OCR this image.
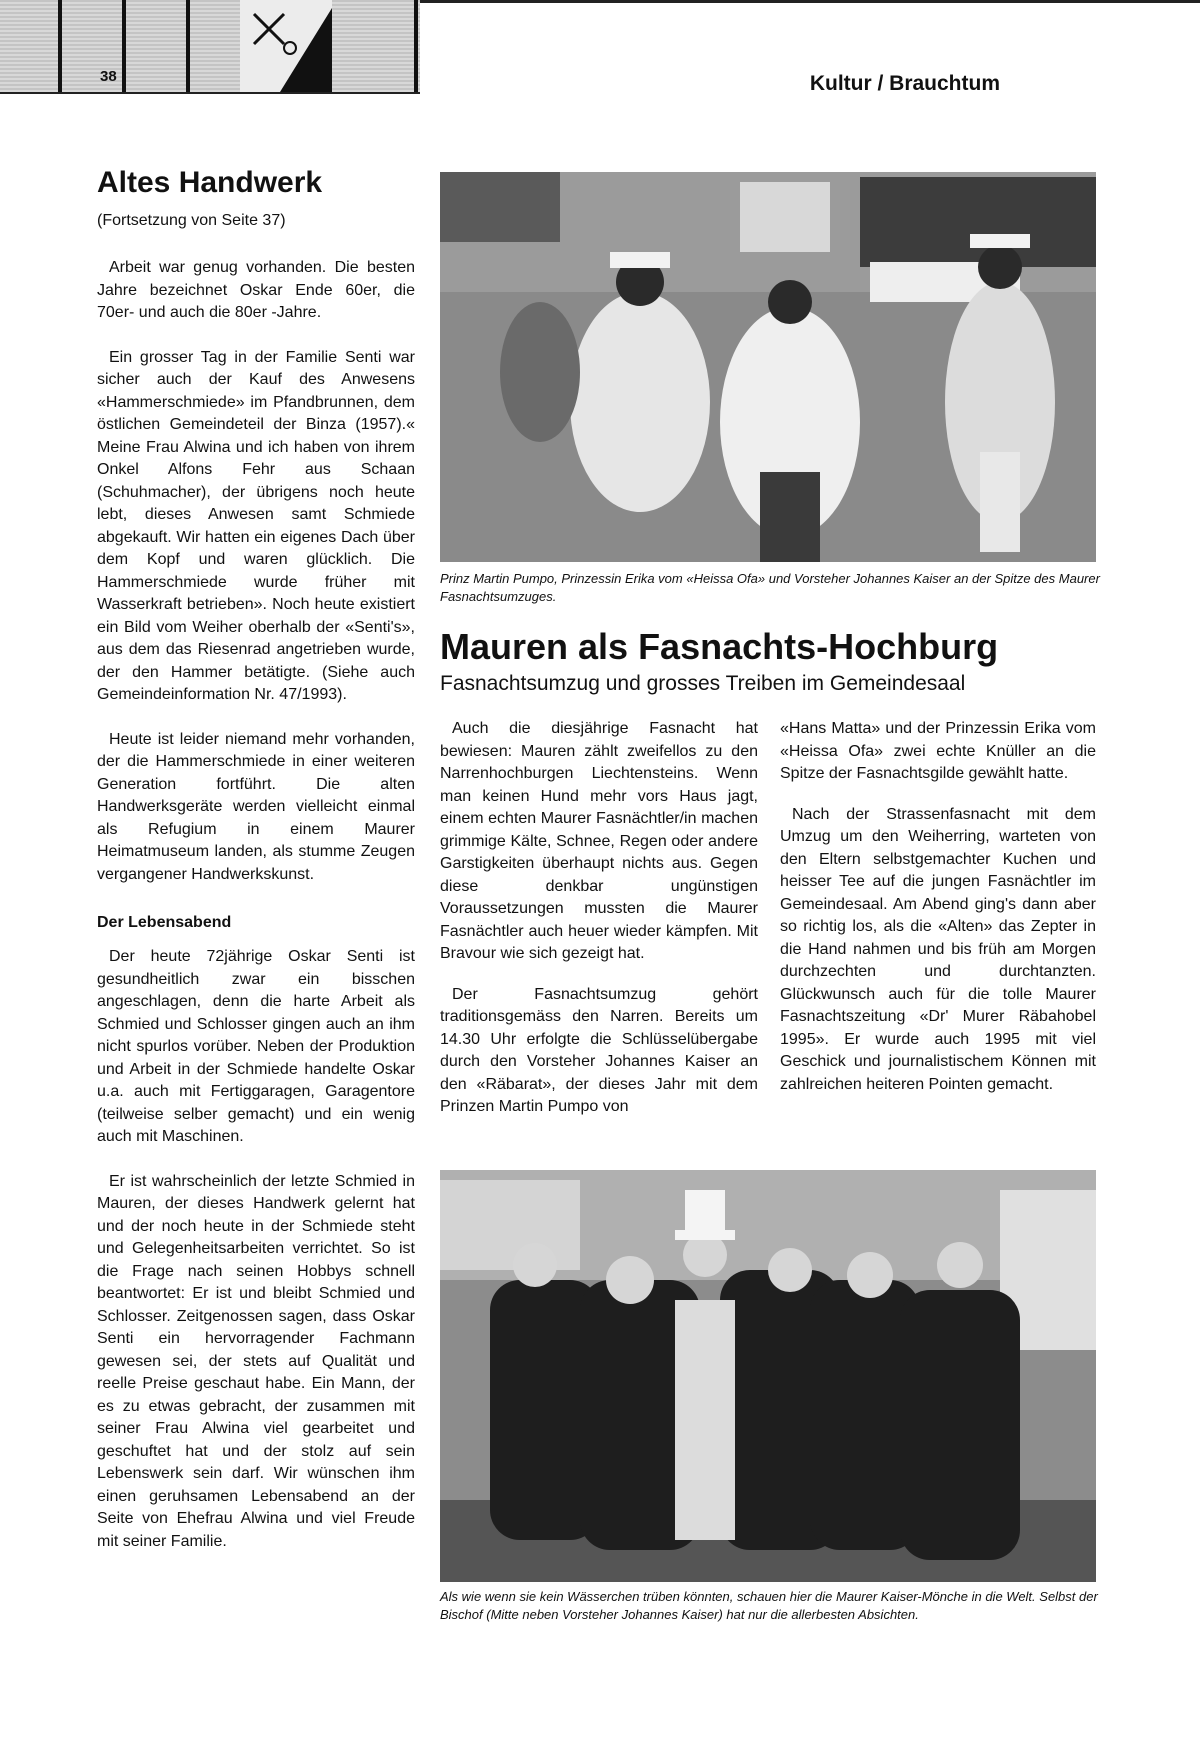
38	Kultur / Brauchtum
Altes Handwerk
(Fortsetzung von Seite 37)

Arbeit war genug vorhanden. Die besten Jahre bezeichnet Oskar Ende 60er, die 70er- und auch die 80er -Jahre.

Ein grosser Tag in der Familie Senti war sicher auch der Kauf des Anwesens «Hammerschmiede» im Pfandbrunnen, dem östlichen Gemeindeteil der Binza (1957).« Meine Frau Alwina und ich haben von ihrem Onkel Alfons Fehr aus Schaan (Schuhmacher), der übrigens noch heute lebt, dieses Anwesen samt Schmiede abgekauft. Wir hatten ein eigenes Dach über dem Kopf und waren glücklich. Die Hammerschmiede wurde früher mit Wasserkraft betrieben». Noch heute existiert ein Bild vom Weiher oberhalb der «Senti's», aus dem das Riesenrad angetrieben wurde, der den Hammer betätigte. (Siehe auch Gemeindeinformation Nr. 47/1993).

Heute ist leider niemand mehr vorhanden, der die Hammerschmiede in einer weiteren Generation fortführt. Die alten Handwerksgeräte werden vielleicht einmal als Refugium in einem Maurer Heimatmuseum landen, als stumme Zeugen vergangener Handwerkskunst.

Der Lebensabend

Der heute 72jährige Oskar Senti ist gesundheitlich zwar ein bisschen angeschlagen, denn die harte Arbeit als Schmied und Schlosser gingen auch an ihm nicht spurlos vorüber. Neben der Produktion und Arbeit in der Schmiede handelte Oskar u.a. auch mit Fertiggaragen, Garagentore (teilweise selber gemacht) und ein wenig auch mit Maschinen.

Er ist wahrscheinlich der letzte Schmied in Mauren, der dieses Handwerk gelernt hat und der noch heute in der Schmiede steht und Gelegenheitsarbeiten verrichtet. So ist die Frage nach seinen Hobbys schnell beantwortet: Er ist und bleibt Schmied und Schlosser. Zeitgenossen sagen, dass Oskar Senti ein hervorragender Fachmann gewesen sei, der stets auf Qualität und reelle Preise geschaut habe. Ein Mann, der es zu etwas gebracht, der zusammen mit seiner Frau Alwina viel gearbeitet und geschuftet hat und der stolz auf sein Lebenswerk sein darf. Wir wünschen ihm einen geruhsamen Lebensabend an der Seite von Ehefrau Alwina und viel Freude mit seiner Familie.

Prinz Martin Pumpo, Prinzessin Erika vom «Heissa Ofa» und Vorsteher Johannes Kaiser an der Spitze des Maurer Fasnachtsumzuges.
Mauren als Fasnachts-Hochburg
Fasnachtsumzug und grosses Treiben im Gemeindesaal

Auch die diesjährige Fasnacht hat bewiesen: Mauren zählt zweifellos zu den Narrenhochburgen Liechtensteins. Wenn man keinen Hund mehr vors Haus jagt, einem echten Maurer Fasnächtler/in machen grimmige Kälte, Schnee, Regen oder andere Garstigkeiten überhaupt nichts aus. Gegen diese denkbar ungünstigen Voraussetzungen mussten die Maurer Fasnächtler auch heuer wieder kämpfen. Mit Bravour wie sich gezeigt hat.

Der Fasnachtsumzug gehört traditionsgemäss den Narren. Bereits um 14.30 Uhr erfolgte die Schlüsselübergabe durch den Vorsteher Johannes Kaiser an den «Räbarat», der dieses Jahr mit dem Prinzen Martin Pumpo von

«Hans Matta» und der Prinzessin Erika vom «Heissa Ofa» zwei echte Knüller an die Spitze der Fasnachtsgilde gewählt hatte.

Nach der Strassenfasnacht mit dem Umzug um den Weiherring, warteten von den Eltern selbstgemachter Kuchen und heisser Tee auf die jungen Fasnächtler im Gemeindesaal. Am Abend ging's dann aber so richtig los, als die «Alten» das Zepter in die Hand nahmen und bis früh am Morgen durchzechten und durchtanzten. Glückwunsch auch für die tolle Maurer Fasnachtszeitung «Dr' Murer Räbahobel 1995». Er wurde auch 1995 mit viel Geschick und journalistischem Können mit zahlreichen heiteren Pointen gemacht.

Als wie wenn sie kein Wässerchen trüben könnten, schauen hier die Maurer Kaiser-Mönche in die Welt. Selbst der Bischof (Mitte neben Vorsteher Johannes Kaiser) hat nur die allerbesten Absichten.
